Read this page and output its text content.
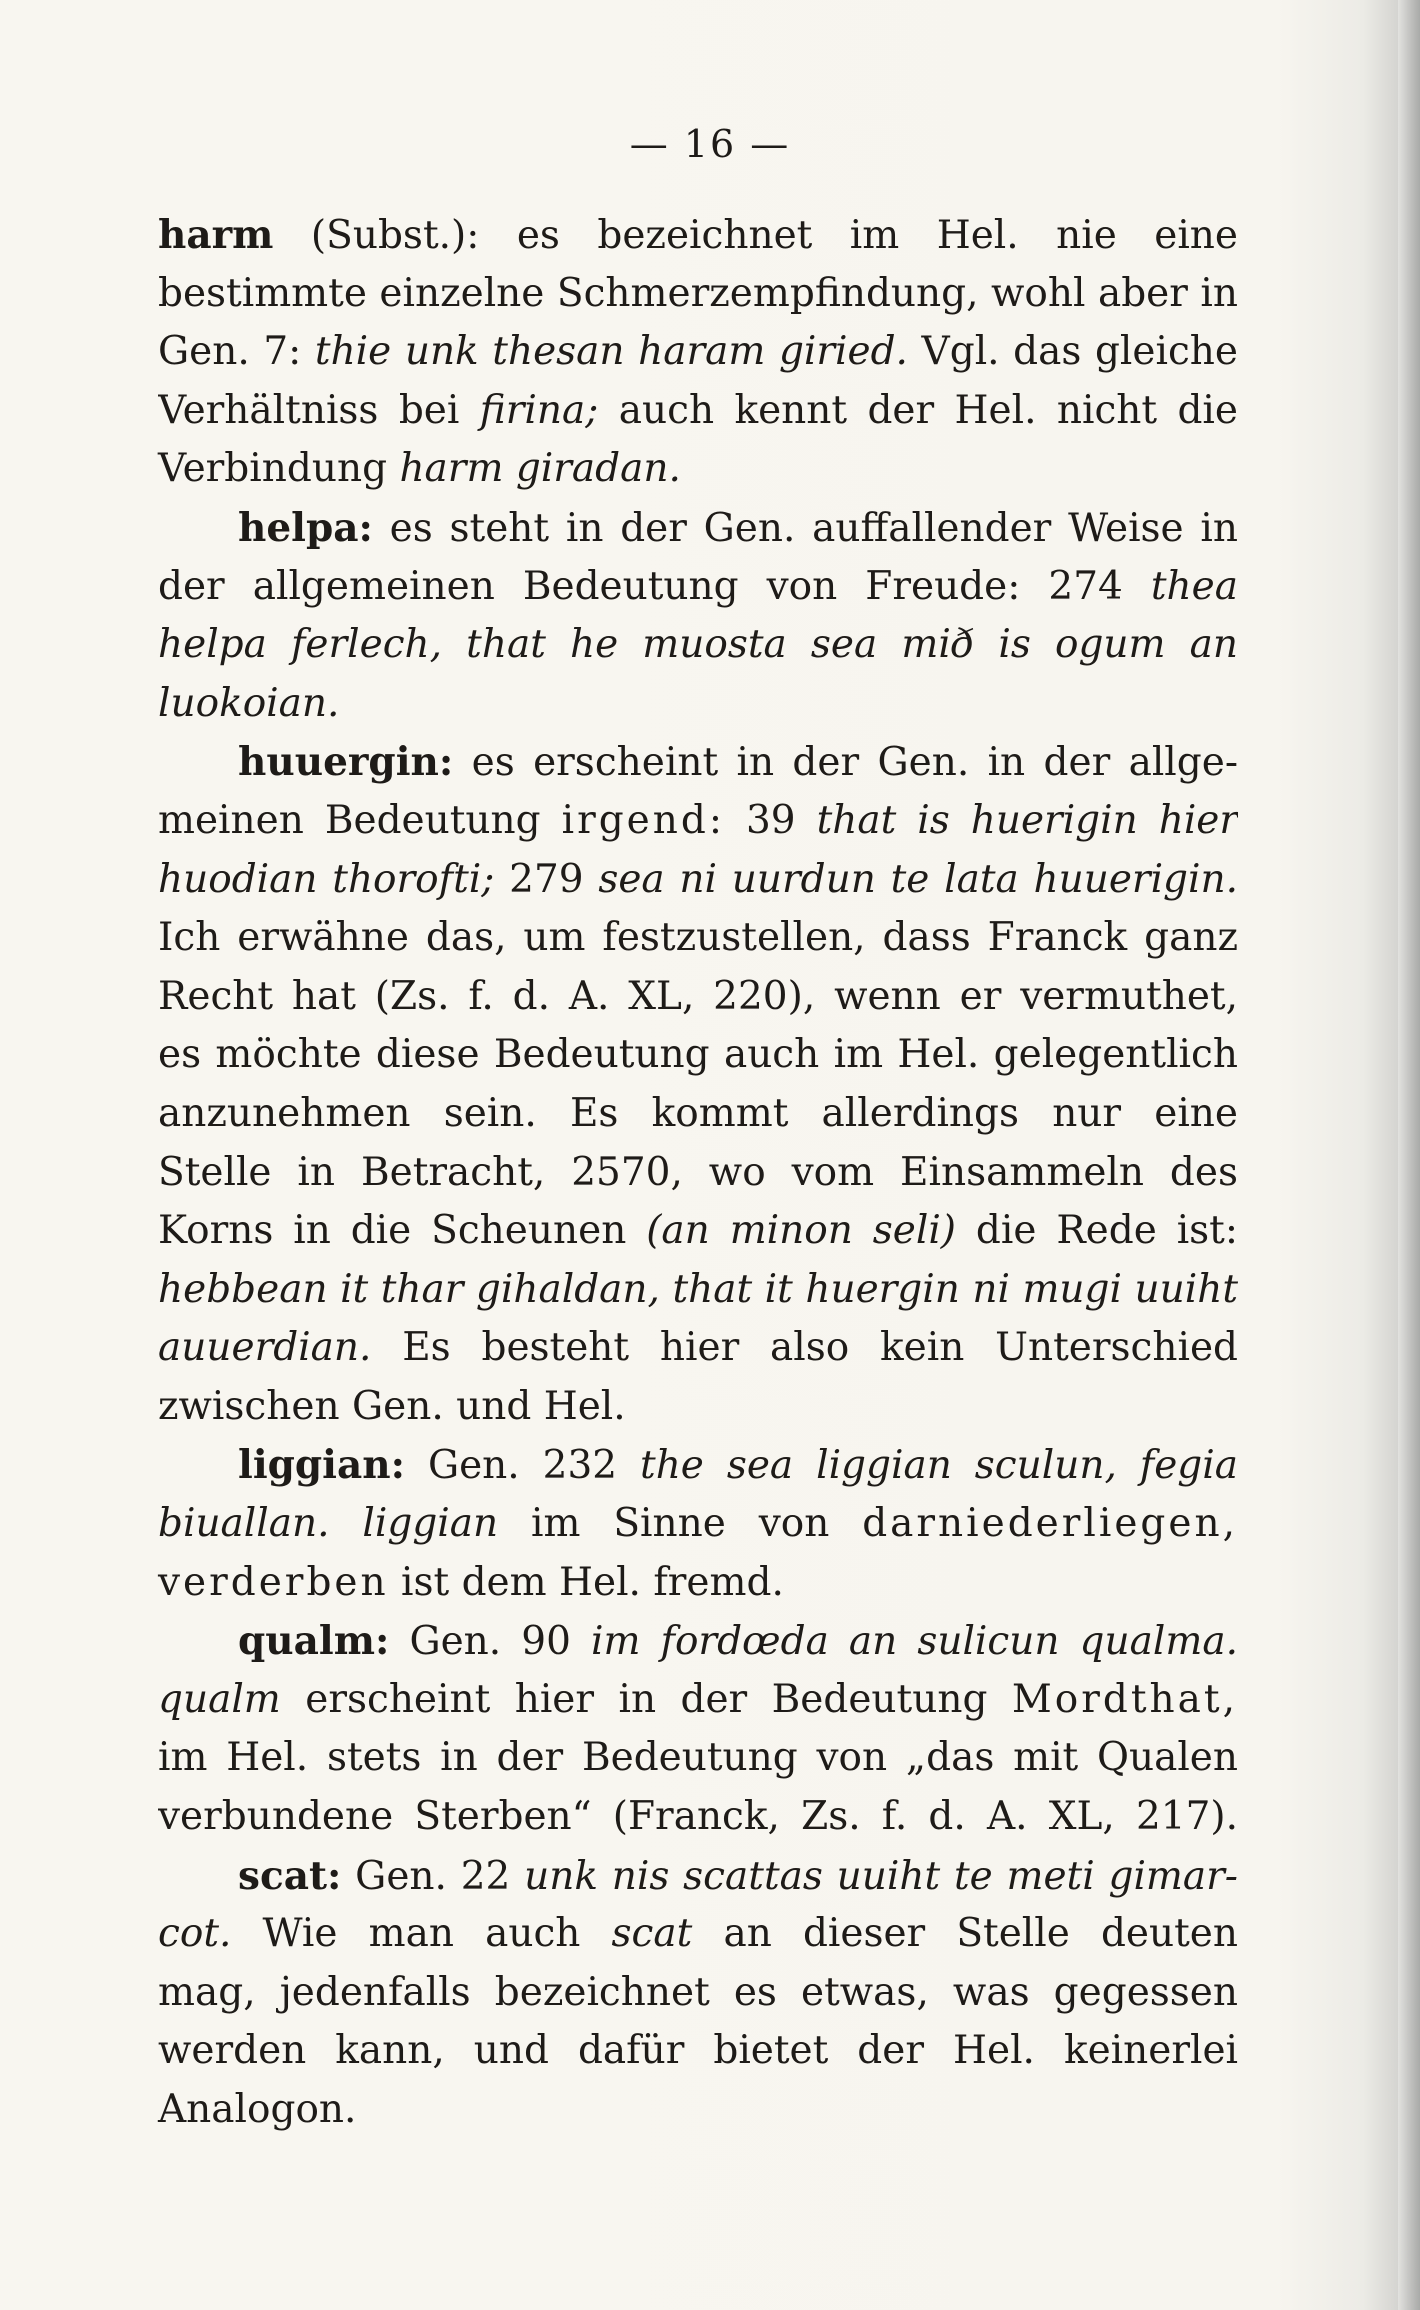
— 16 —
harm (Subst.): es bezeichnet im Hel. nie eine
bestimmte einzelne Schmerzempfindung, wohl aber in
Gen. 7: thie unk thesan haram giried. Vgl. das gleiche
Verhältniss bei firina; auch kennt der Hel. nicht die
Verbindung harm giradan.
helpa: es steht in der Gen. auffallender Weise in
der allgemeinen Bedeutung von Freude: 274 thea
helpa ferlech, that he muosta sea mið is ogum an
luokoian.
huuergin: es erscheint in der Gen. in der allge-
meinen Bedeutung irgend: 39 that is huerigin hier
huodian thorofti; 279 sea ni uurdun te lata huuerigin.
Ich erwähne das, um festzustellen, dass Franck ganz
Recht hat (Zs. f. d. A. XL, 220), wenn er vermuthet,
es möchte diese Bedeutung auch im Hel. gelegentlich
anzunehmen sein. Es kommt allerdings nur eine
Stelle in Betracht, 2570, wo vom Einsammeln des
Korns in die Scheunen (an minon seli) die Rede ist:
hebbean it thar gihaldan, that it huergin ni mugi uuiht
auuerdian. Es besteht hier also kein Unterschied
zwischen Gen. und Hel.
liggian: Gen. 232 the sea liggian sculun, fegia
biuallan. liggian im Sinne von darniederliegen,
verderben ist dem Hel. fremd.
qualm: Gen. 90 im fordœda an sulicun qualma.
qualm erscheint hier in der Bedeutung Mordthat,
im Hel. stets in der Bedeutung von „das mit Qualen
verbundene Sterben“ (Franck, Zs. f. d. A. XL, 217).
scat: Gen. 22 unk nis scattas uuiht te meti gimar-
cot. Wie man auch scat an dieser Stelle deuten
mag, jedenfalls bezeichnet es etwas, was gegessen
werden kann, und dafür bietet der Hel. keinerlei
Analogon.
